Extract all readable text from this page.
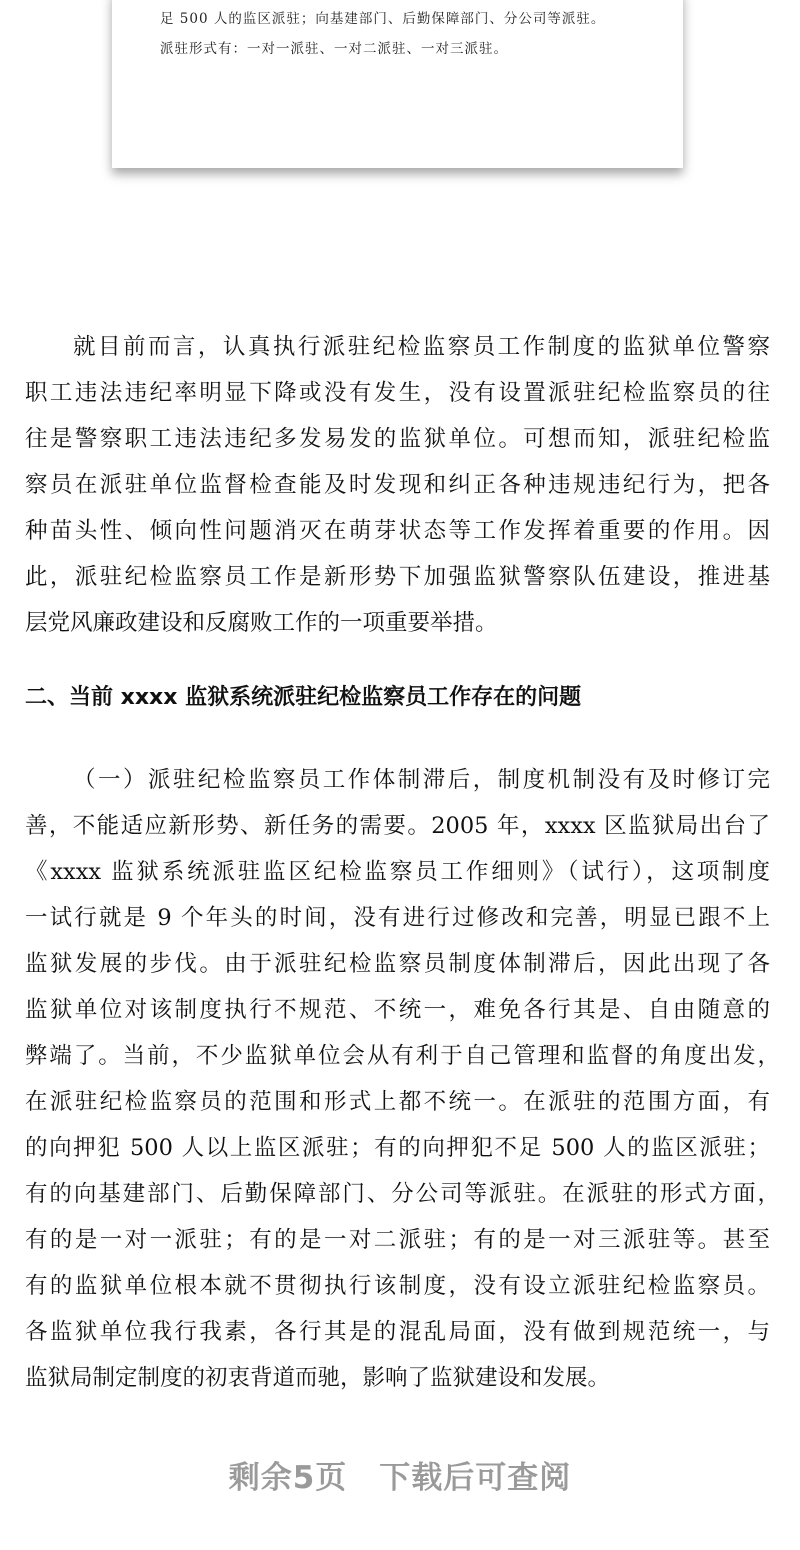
足 500 人的监区派驻；向基建部门、后勤保障部门、分公司等派驻。
派驻形式有：一对一派驻、一对二派驻、一对三派驻。
就目前而言，认真执行派驻纪检监察员工作制度的监狱单位警察
职工违法违纪率明显下降或没有发生，没有设置派驻纪检监察员的往
往是警察职工违法违纪多发易发的监狱单位。可想而知，派驻纪检监
察员在派驻单位监督检查能及时发现和纠正各种违规违纪行为，把各
种苗头性、倾向性问题消灭在萌芽状态等工作发挥着重要的作用。因
此，派驻纪检监察员工作是新形势下加强监狱警察队伍建设，推进基
层党风廉政建设和反腐败工作的一项重要举措。
二、当前 xxxx 监狱系统派驻纪检监察员工作存在的问题
（一）派驻纪检监察员工作体制滞后，制度机制没有及时修订完
善，不能适应新形势、新任务的需要。2005 年，xxxx 区监狱局出台了
《xxxx 监狱系统派驻监区纪检监察员工作细则》（试行），这项制度
一试行就是 9 个年头的时间，没有进行过修改和完善，明显已跟不上
监狱发展的步伐。由于派驻纪检监察员制度体制滞后，因此出现了各
监狱单位对该制度执行不规范、不统一，难免各行其是、自由随意的
弊端了。当前，不少监狱单位会从有利于自己管理和监督的角度出发，
在派驻纪检监察员的范围和形式上都不统一。在派驻的范围方面，有
的向押犯 500 人以上监区派驻；有的向押犯不足 500 人的监区派驻；
有的向基建部门、后勤保障部门、分公司等派驻。在派驻的形式方面，
有的是一对一派驻；有的是一对二派驻；有的是一对三派驻等。甚至
有的监狱单位根本就不贯彻执行该制度，没有设立派驻纪检监察员。
各监狱单位我行我素，各行其是的混乱局面，没有做到规范统一，与
监狱局制定制度的初衷背道而驰，影响了监狱建设和发展。
剩余5页 下载后可查阅
